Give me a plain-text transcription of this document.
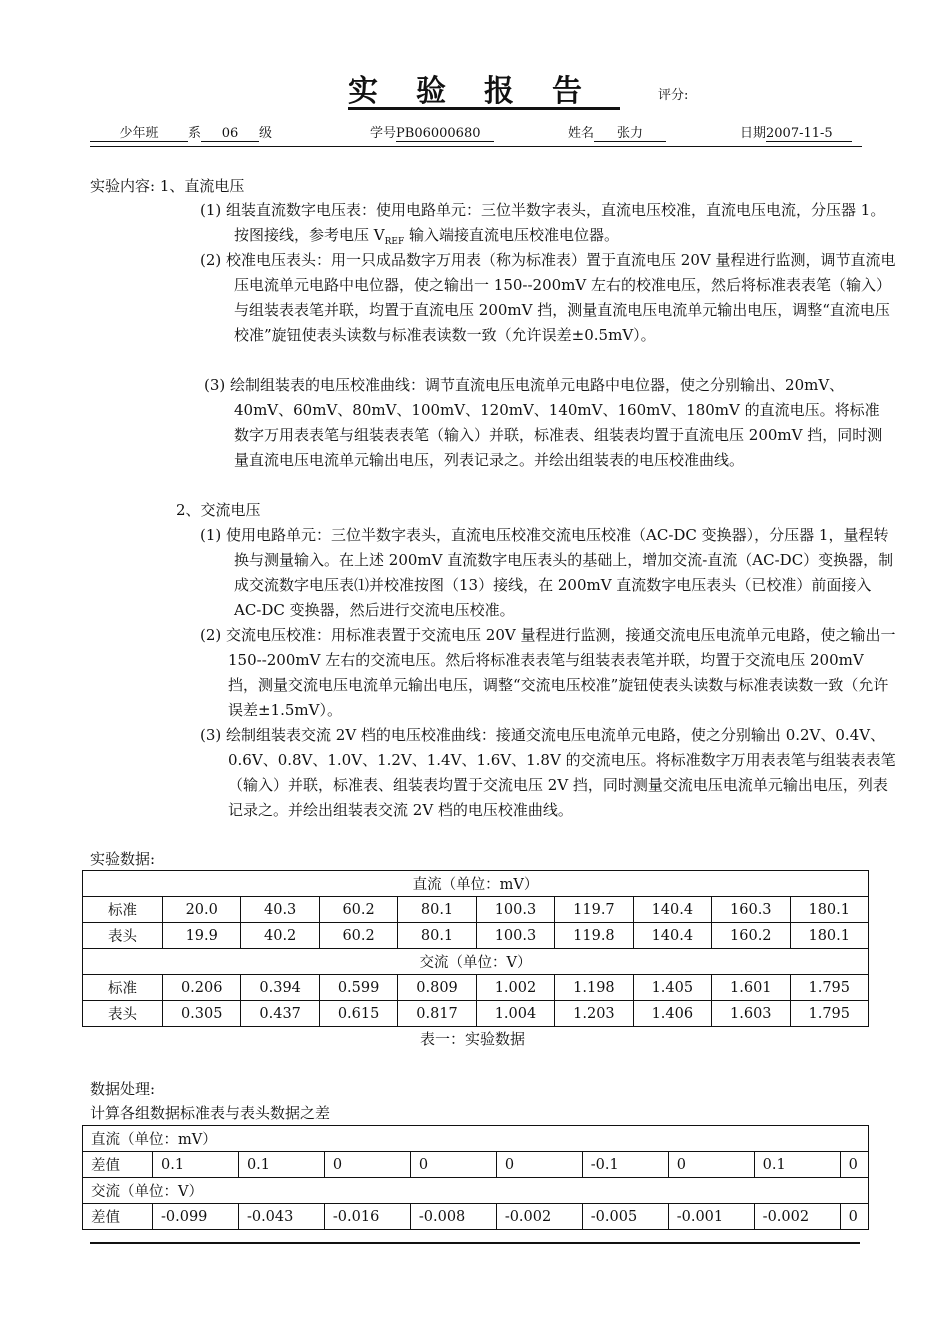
实验报告	评分:
少年班 系 06 级	学号PB06000680	姓名 张力	日期2007-11-5
实验内容: 1、直流电压
(1) 组装直流数字电压表：使用电路单元：三位半数字表头，直流电压校准，直流电压电流，分压器 1。按图接线，参考电压 $V_{REF}$ 输入端接直流电压校准电位器。
(2) 校准电压表头：用一只成品数字万用表（称为标准表）置于直流电压 20V 量程进行监测，调节直流电压电流单元电路中电位器，使之输出一 150--200mV 左右的校准电压，然后将标准表表笔（输入）与组装表表笔并联，均置于直流电压 200mV 挡，测量直流电压电流单元输出电压，调整“直流电压校准”旋钮使表头读数与标准表读数一致（允许误差±0.5mV）。
(3) 绘制组装表的电压校准曲线：调节直流电压电流单元电路中电位器，使之分别输出、20mV、40mV、60mV、80mV、100mV、120mV、140mV、160mV、180mV 的直流电压。将标准数字万用表表笔与组装表表笔（输入）并联，标准表、组装表均置于直流电压 200mV 挡，同时测量直流电压电流单元输出电压，列表记录之。并绘出组装表的电压校准曲线。
2、交流电压
(1) 使用电路单元：三位半数字表头，直流电压校准交流电压校准（AC-DC 变换器），分压器 1，量程转换与测量输入。在上述 200mV 直流数字电压表头的基础上，增加交流-直流（AC-DC）变换器，制成交流数字电压表⑴并校准按图（13）接线，在 200mV 直流数字电压表头（已校准）前面接入 AC-DC 变换器，然后进行交流电压校准。
(2) 交流电压校准：用标准表置于交流电压 20V 量程进行监测，接通交流电压电流单元电路，使之输出一 150--200mV 左右的交流电压。然后将标准表表笔与组装表表笔并联，均置于交流电压 200mV 挡，测量交流电压电流单元输出电压，调整“交流电压校准”旋钮使表头读数与标准表读数一致（允许误差±1.5mV）。
(3) 绘制组装表交流 2V 档的电压校准曲线：接通交流电压电流单元电路，使之分别输出 0.2V、0.4V、0.6V、0.8V、1.0V、1.2V、1.4V、1.6V、1.8V 的交流电压。将标准数字万用表表笔与组装表表笔（输入）并联，标准表、组装表均置于交流电压 2V 挡，同时测量交流电压电流单元输出电压，列表记录之。并绘出组装表交流 2V 档的电压校准曲线。
实验数据:
直流（单位：mV）									
标准	20.0	40.3	60.2	80.1	100.3	119.7	140.4	160.3	180.1
表头	19.9	40.2	60.2	80.1	100.3	119.8	140.4	160.2	180.1
交流（单位：V）									
标准	0.206	0.394	0.599	0.809	1.002	1.198	1.405	1.601	1.795
表头	0.305	0.437	0.615	0.817	1.004	1.203	1.406	1.603	1.795
表一：实验数据
数据处理:
计算各组数据标准表与表头数据之差
直流（单位：mV）									
差值	0.1	0.1	0	0	0	-0.1	0	0.1	0
交流（单位：V）									
差值	-0.099	-0.043	-0.016	-0.008	-0.002	-0.005	-0.001	-0.002	0
